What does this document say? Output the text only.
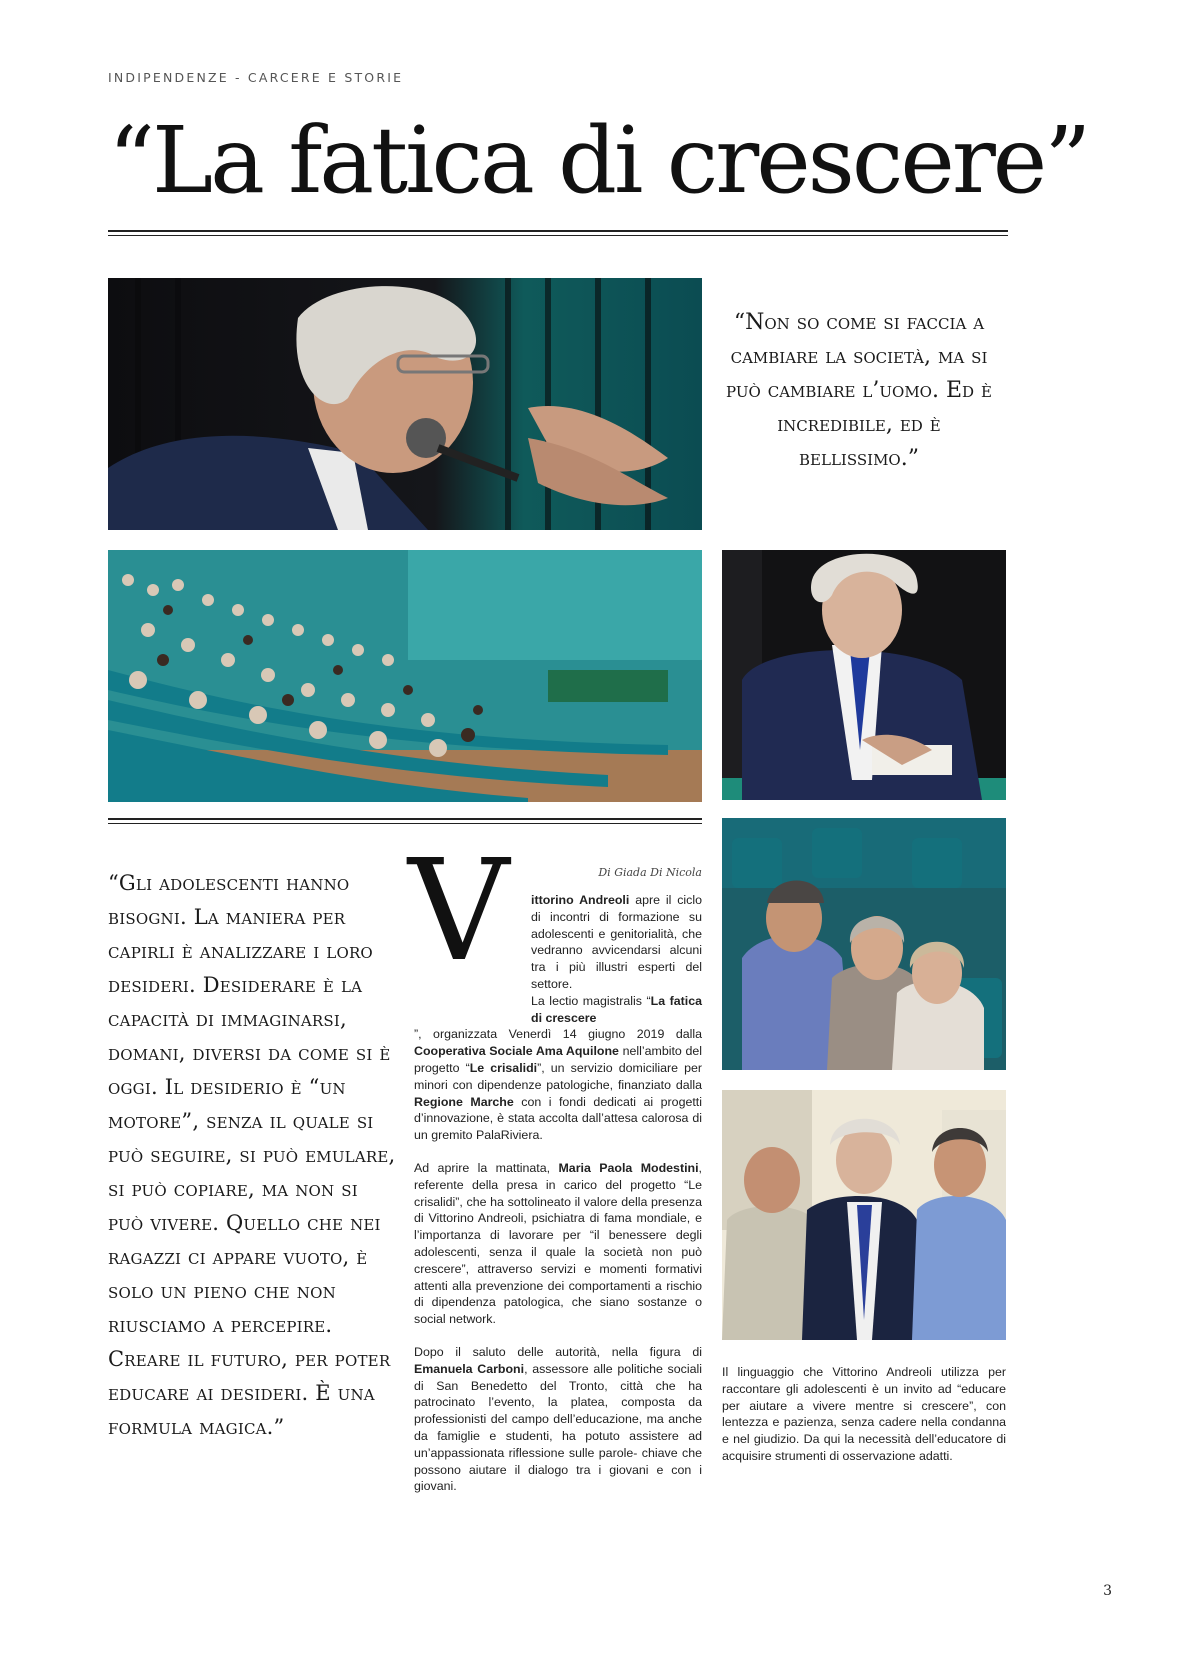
INDIPENDENZE - CARCERE E STORIE
“La fatica di crescere”
“Non so come si faccia a cambiare la società, ma si può cambiare l’uomo. Ed è incredibile, ed è bellissimo.”
“Gli adolescenti hanno bisogni. La maniera per capirli è analizzare i loro desideri. Desiderare è la capacità di immaginarsi, domani, diversi da come si è oggi. Il desiderio è “un motore”, senza il quale si può seguire, si può emulare, si può copiare, ma non si può vivere. Quello che nei ragazzi ci appare vuoto, è solo un pieno che non riusciamo a percepire. Creare il futuro, per poter educare ai desideri. È una formula magica.”
Di Giada Di Nicola
V	ittorino Andreoli apre il ciclo di incontri di formazione su adolescenti e genitorialità, che vedranno avvicendarsi alcuni tra i più illustri esperti del settore.
La lectio magistralis “La fatica di crescere
”, organizzata Venerdì 14 giugno 2019 dalla Cooperativa Sociale Ama Aquilone nell’ambito del progetto “Le crisalidi”, un servizio domiciliare per minori con dipendenze patologiche, finanziato dalla Regione Marche con i fondi dedicati ai progetti d’innovazione, è stata accolta dall’attesa calorosa di un gremito PalaRiviera.

Ad aprire la mattinata, Maria Paola Modestini, referente della presa in carico del progetto “Le crisalidi”, che ha sottolineato il valore della presenza di Vittorino Andreoli, psichiatra di fama mondiale, e l’importanza di lavorare per “il benessere degli adolescenti, senza il quale la società non può crescere”, attraverso servizi e momenti formativi attenti alla prevenzione dei comportamenti a rischio di dipendenza patologica, che siano sostanze o social network.

Dopo il saluto delle autorità, nella figura di Emanuela Carboni, assessore alle politiche sociali di San Benedetto del Tronto, città che ha patrocinato l’evento, la platea, composta da professionisti del campo dell’educazione, ma anche da famiglie e studenti, ha potuto assistere ad un’appassionata riflessione sulle parole- chiave che possono aiutare il dialogo tra i giovani e con i giovani.

Il linguaggio che Vittorino Andreoli utilizza per raccontare gli adolescenti è un invito ad “educare per aiutare a vivere mentre si crescere”, con lentezza e pazienza, senza cadere nella condanna e nel giudizio. Da qui la necessità dell’educatore di acquisire strumenti di osservazione adatti.

3
